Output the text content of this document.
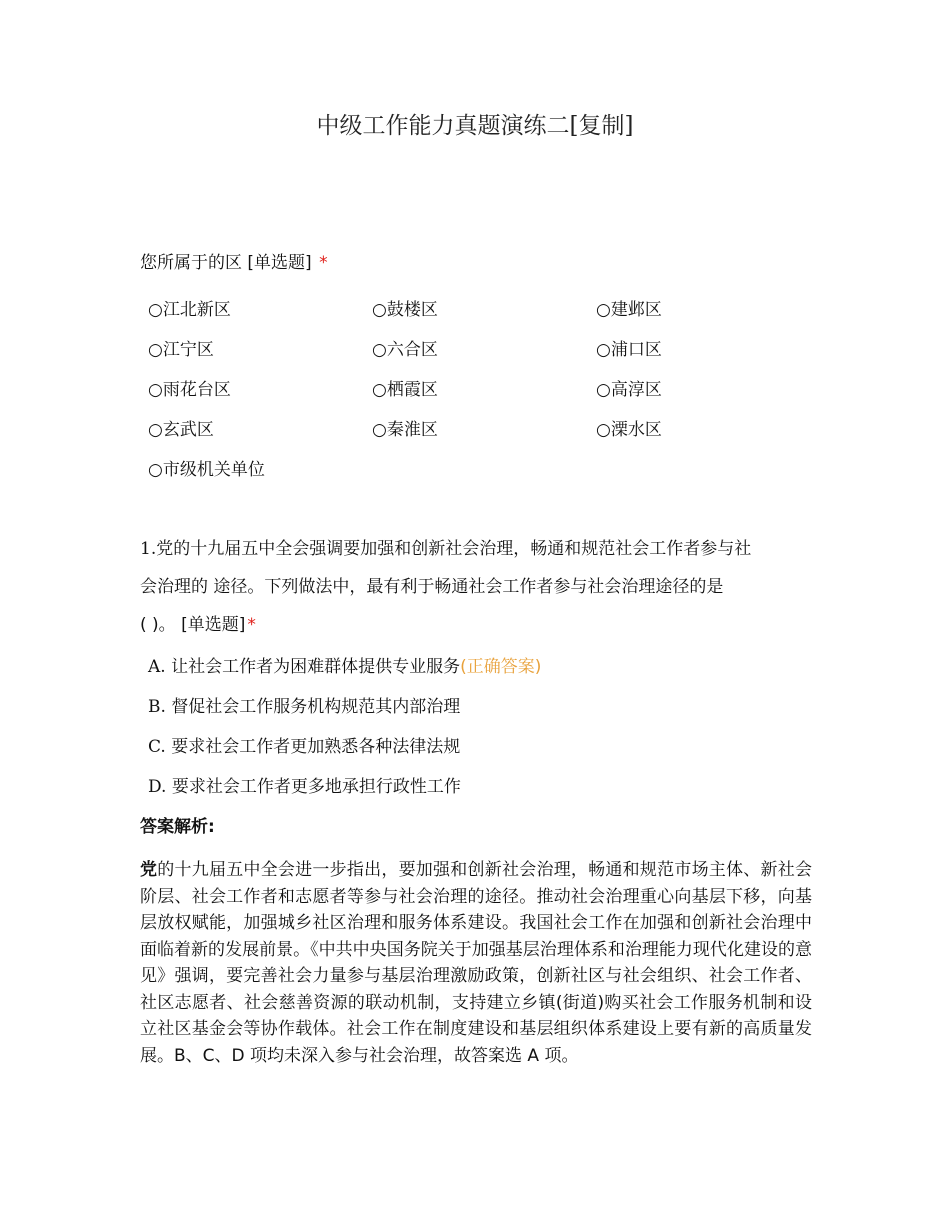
中级工作能力真题演练二[复制]
您所属于的区 [单选题] *
○江北新区	○鼓楼区	○建邺区
○江宁区	○六合区	○浦口区
○雨花台区	○栖霞区	○高淳区
○玄武区	○秦淮区	○溧水区
○市级机关单位
1.党的十九届五中全会强调要加强和创新社会治理，畅通和规范社会工作者参与社
会治理的 途径。下列做法中，最有利于畅通社会工作者参与社会治理途径的是
( )。 [单选题] *
A. 让社会工作者为困难群体提供专业服务(正确答案)
B. 督促社会工作服务机构规范其内部治理
C. 要求社会工作者更加熟悉各种法律法规
D. 要求社会工作者更多地承担行政性工作
答案解析:
党的十九届五中全会进一步指出，要加强和创新社会治理，畅通和规范市场主体、新社会阶层、社会工作者和志愿者等参与社会治理的途径。推动社会治理重心向基层下移，向基层放权赋能，加强城乡社区治理和服务体系建设。我国社会工作在加强和创新社会治理中面临着新的发展前景。《中共中央国务院关于加强基层治理体系和治理能力现代化建设的意见》强调，要完善社会力量参与基层治理激励政策，创新社区与社会组织、社会工作者、社区志愿者、社会慈善资源的联动机制，支持建立乡镇(街道)购买社会工作服务机制和设立社区基金会等协作载体。社会工作在制度建设和基层组织体系建设上要有新的高质量发展。B、C、D 项均未深入参与社会治理，故答案选 A 项。
